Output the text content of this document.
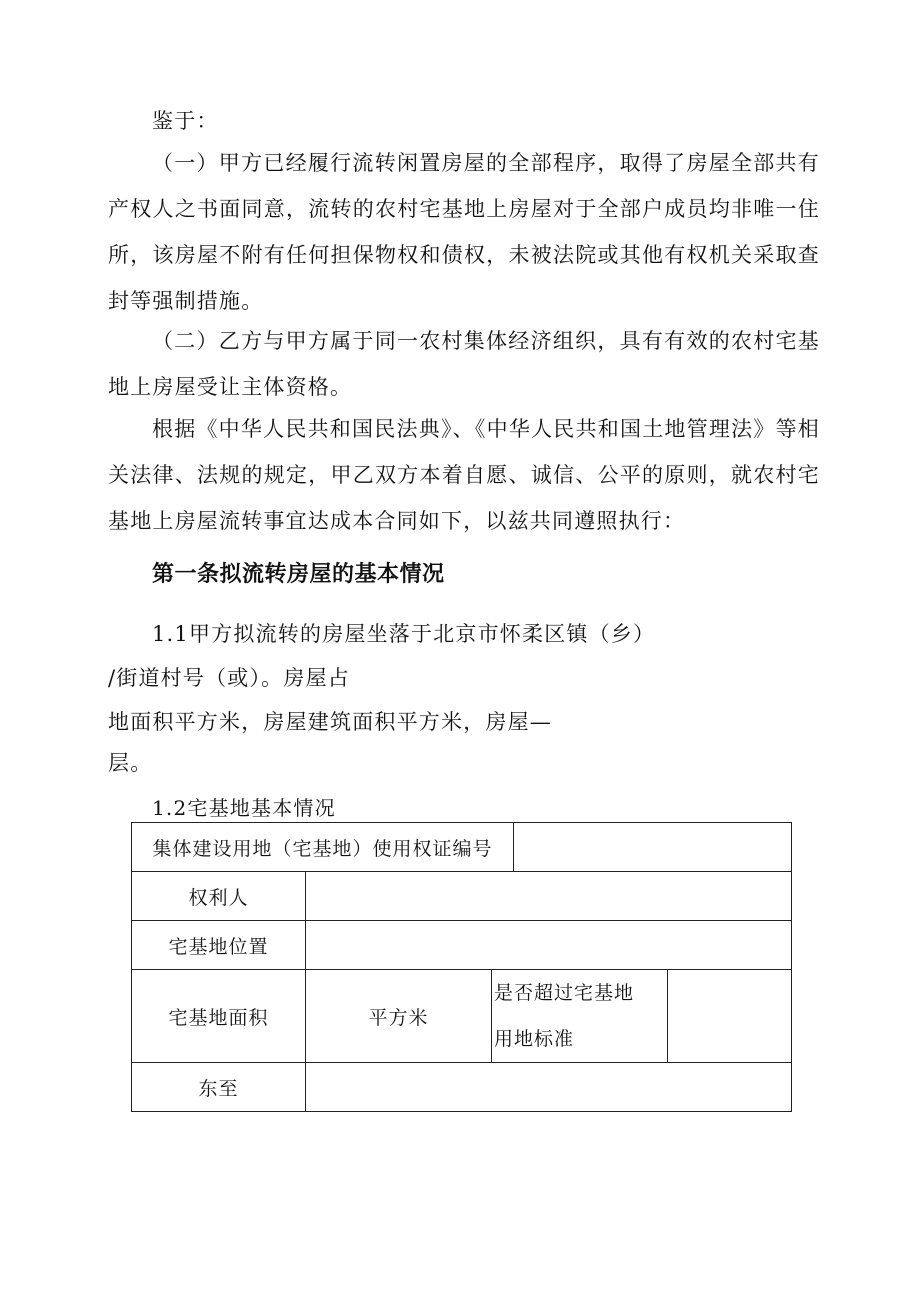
鉴于：

（一）甲方已经履行流转闲置房屋的全部程序，取得了房屋全部共有产权人之书面同意，流转的农村宅基地上房屋对于全部户成员均非唯一住所，该房屋不附有任何担保物权和债权，未被法院或其他有权机关采取查封等强制措施。

（二）乙方与甲方属于同一农村集体经济组织，具有有效的农村宅基地上房屋受让主体资格。

根据《中华人民共和国民法典》、《中华人民共和国土地管理法》等相关法律、法规的规定，甲乙双方本着自愿、诚信、公平的原则，就农村宅基地上房屋流转事宜达成本合同如下，以兹共同遵照执行：

第一条拟流转房屋的基本情况

1.1甲方拟流转的房屋坐落于北京市怀柔区镇（乡）

/街道村号（或）。房屋占

地面积平方米，房屋建筑面积平方米，房屋—

层。

1.2宅基地基本情况

集体建设用地（宅基地）使用权证编号				
权利人				
宅基地位置				
宅基地面积	平方米	是否超过宅基地
用地标准		

东至				
